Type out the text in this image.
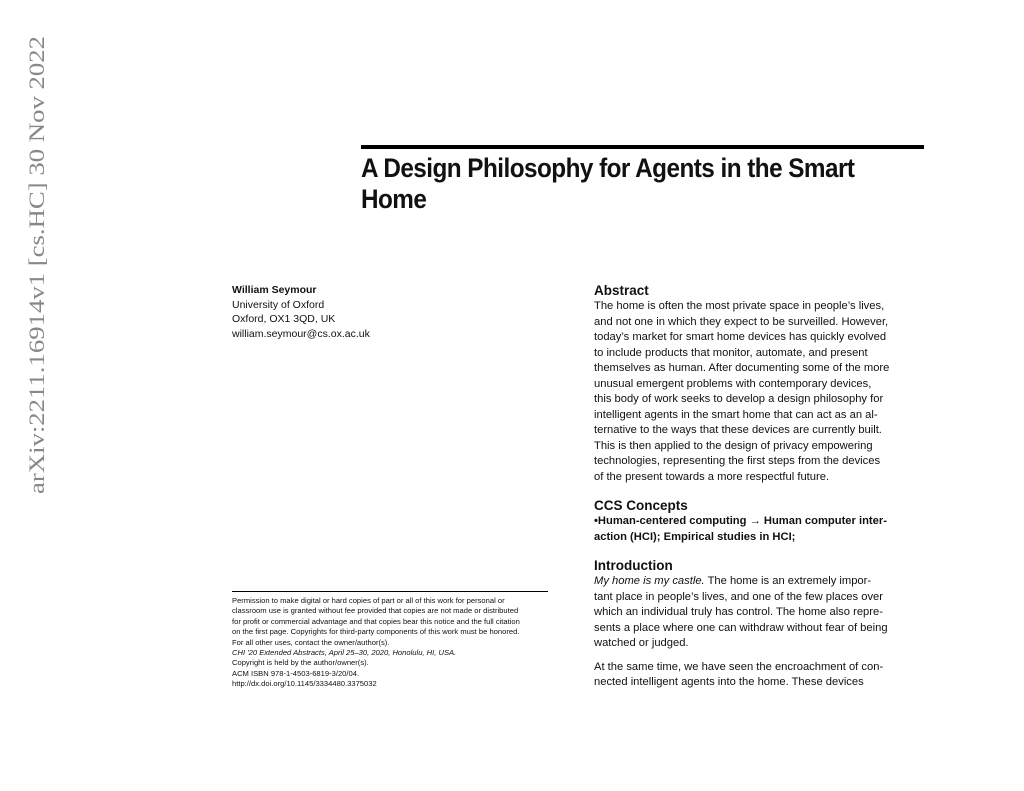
arXiv:2211.16914v1 [cs.HC] 30 Nov 2022	A Design Philosophy for Agents in the Smart
Home
William Seymour
University of Oxford
Oxford, OX1 3QD, UK
william.seymour@cs.ox.ac.uk
Permission to make digital or hard copies of part or all of this work for personal or
classroom use is granted without fee provided that copies are not made or distributed
for profit or commercial advantage and that copies bear this notice and the full citation
on the first page. Copyrights for third-party components of this work must be honored.
For all other uses, contact the owner/author(s).
CHI '20 Extended Abstracts, April 25–30, 2020, Honolulu, HI, USA.
Copyright is held by the author/owner(s).
ACM ISBN 978-1-4503-6819-3/20/04.
http://dx.doi.org/10.1145/3334480.3375032
Abstract

The home is often the most private space in people’s lives,
and not one in which they expect to be surveilled. However,
today’s market for smart home devices has quickly evolved
to include products that monitor, automate, and present
themselves as human. After documenting some of the more
unusual emergent problems with contemporary devices,
this body of work seeks to develop a design philosophy for
intelligent agents in the smart home that can act as an al-
ternative to the ways that these devices are currently built.
This is then applied to the design of privacy empowering
technologies, representing the first steps from the devices
of the present towards a more respectful future.

CCS Concepts

•Human-centered computing → Human computer inter-
action (HCI); Empirical studies in HCI;

Introduction

My home is my castle. The home is an extremely impor-
tant place in people’s lives, and one of the few places over
which an individual truly has control. The home also repre-
sents a place where one can withdraw without fear of being
watched or judged.

At the same time, we have seen the encroachment of con-
nected intelligent agents into the home. These devices
